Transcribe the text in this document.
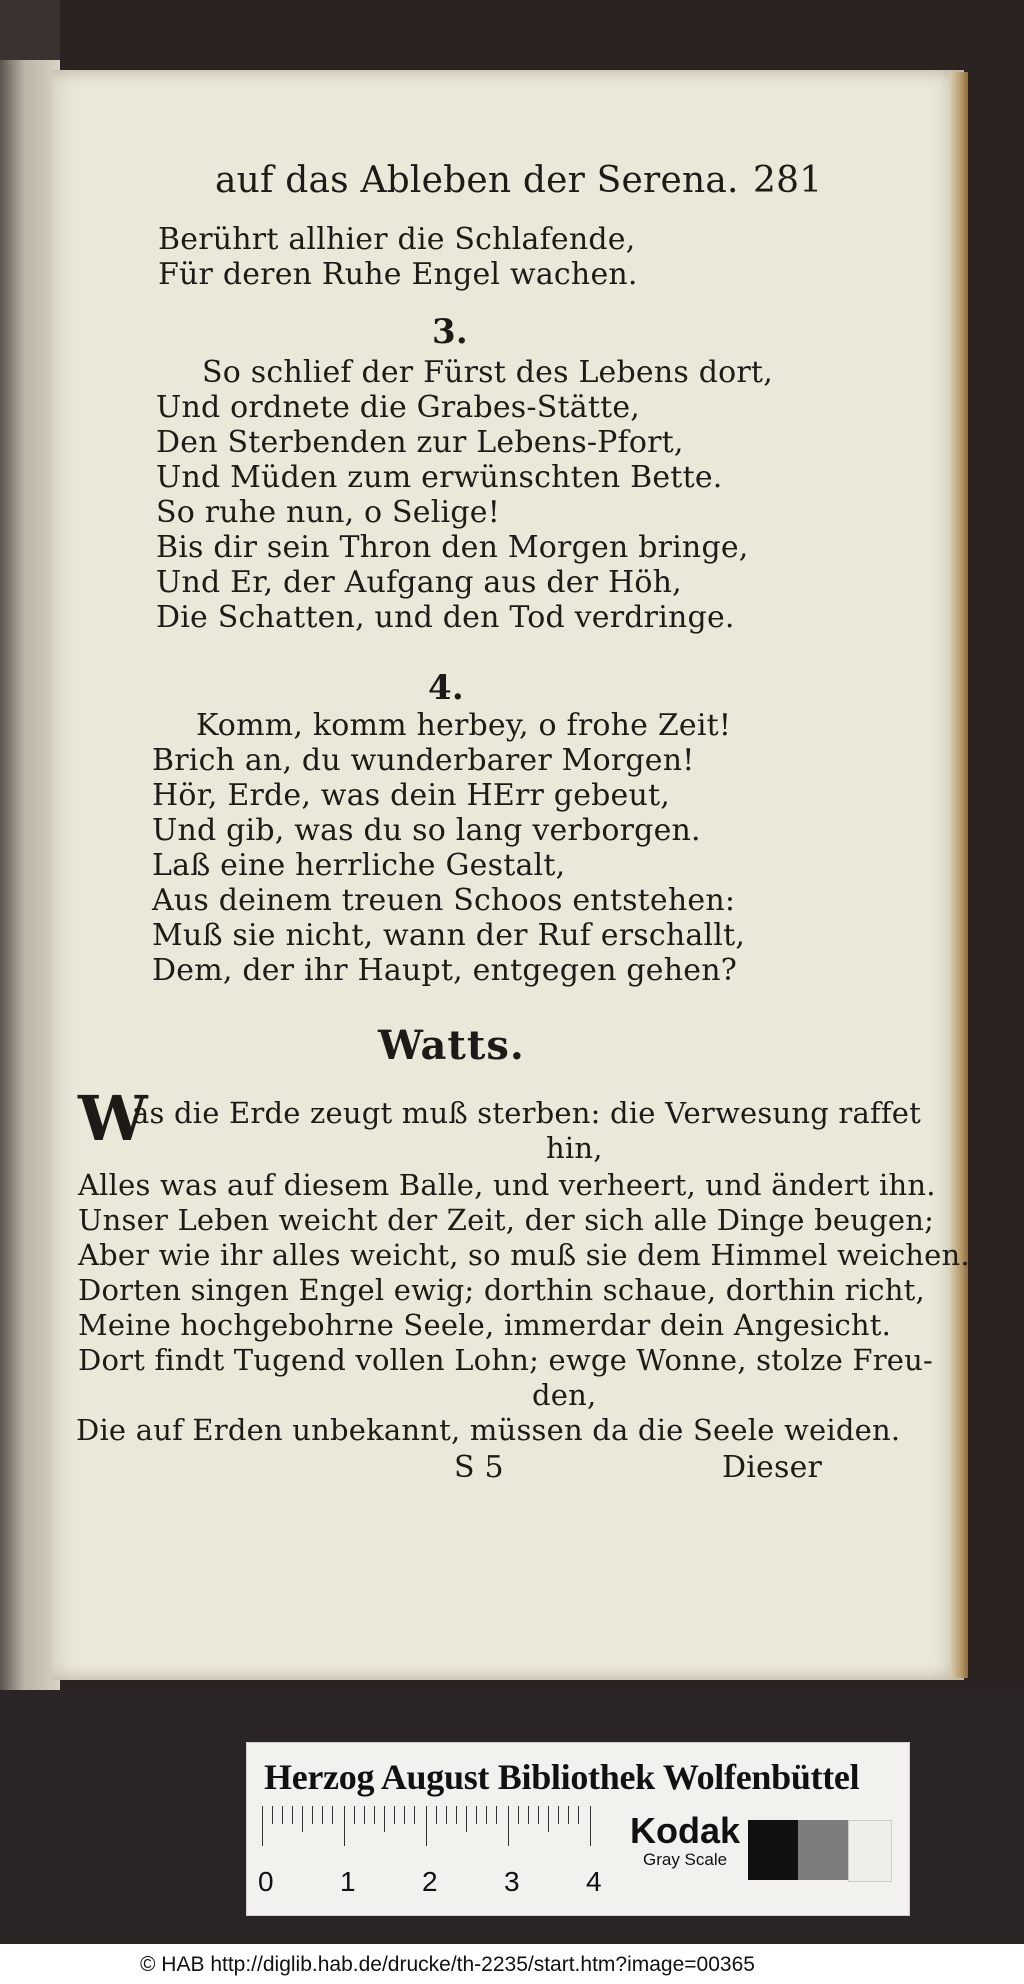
auf das Ableben der Serena. 281
Berührt allhier die Schlafende,
Für deren Ruhe Engel wachen.
3.
So schlief der Fürst des Lebens dort,
Und ordnete die Grabes-Stätte,
Den Sterbenden zur Lebens-Pfort,
Und Müden zum erwünschten Bette.
So ruhe nun, o Selige!
Bis dir sein Thron den Morgen bringe,
Und Er, der Aufgang aus der Höh,
Die Schatten, und den Tod verdringe.
4.
Komm, komm herbey, o frohe Zeit!
Brich an, du wunderbarer Morgen!
Hör, Erde, was dein HErr gebeut,
Und gib, was du so lang verborgen.
Laß eine herrliche Gestalt,
Aus deinem treuen Schoos entstehen:
Muß sie nicht, wann der Ruf erschallt,
Dem, der ihr Haupt, entgegen gehen?
Watts.
W
as die Erde zeugt muß sterben: die Verwesung raffet
hin,
Alles was auf diesem Balle, und verheert, und ändert ihn.
Unser Leben weicht der Zeit, der sich alle Dinge beugen;
Aber wie ihr alles weicht, so muß sie dem Himmel weichen.
Dorten singen Engel ewig; dorthin schaue, dorthin richt,
Meine hochgebohrne Seele, immerdar dein Angesicht.
Dort findt Tugend vollen Lohn; ewge Wonne, stolze Freu-
den,
Die auf Erden unbekannt, müssen da die Seele weiden.
S 5	Dieser
Herzog August Bibliothek Wolfenbüttel
0 1 2 3 4
Kodak
Gray Scale
© HAB http://diglib.hab.de/drucke/th-2235/start.htm?image=00365
